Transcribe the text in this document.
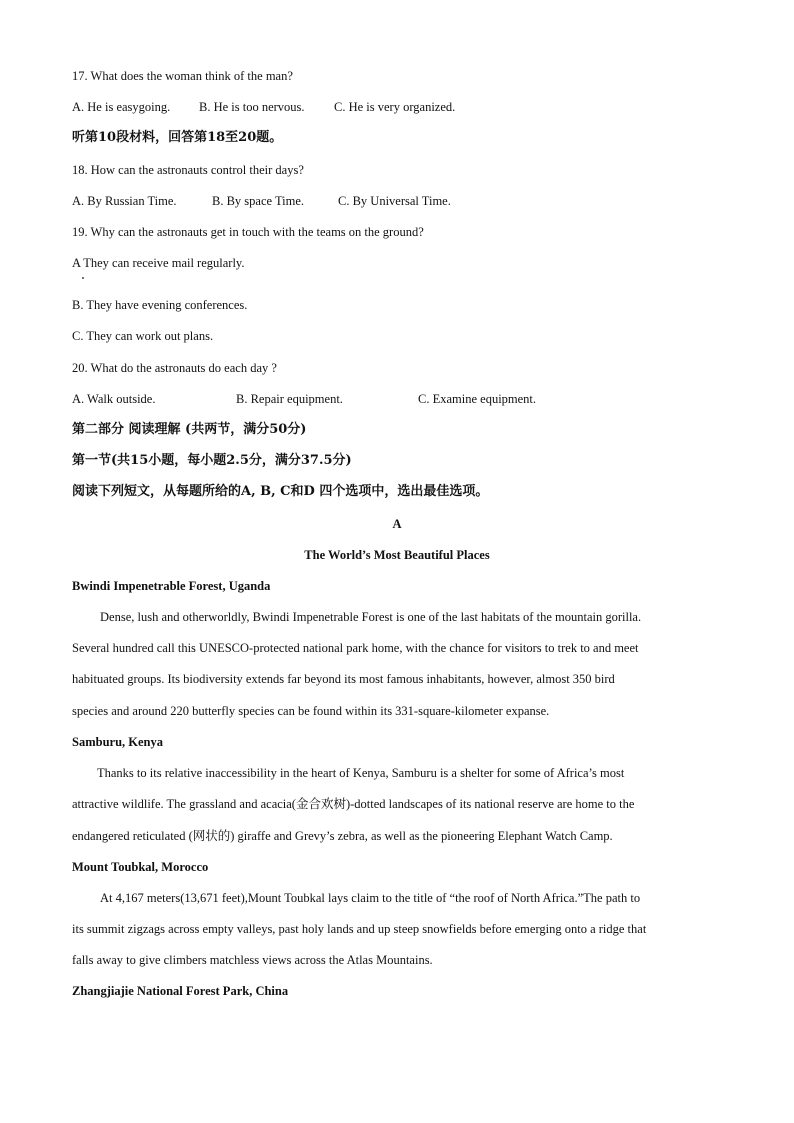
17. What does the woman think of the man?
A. He is easygoing. B. He is too nervous. C. He is very organized.
听第10段材料，回答第18至20题。
18. How can the astronauts control their days?
A. By Russian Time.	B. By space Time.	C. By Universal Time.
19. Why can the astronauts get in touch with the teams on the ground?
A They can receive mail regularly.
B. They have evening conferences.
C. They can work out plans.
20. What do the astronauts do each day ?
A. Walk outside.	B. Repair equipment.	C. Examine equipment.
第二部分 阅读理解 (共两节，满分50分)
第一节(共15小题，每小题2.5分，满分37.5分)
阅读下列短文，从每题所给的A, B, C和D 四个选项中，选出最佳选项。
A
The World’s Most Beautiful Places
Bwindi Impenetrable Forest, Uganda
Dense, lush and otherworldly, Bwindi Impenetrable Forest is one of the last habitats of the mountain gorilla.
Several hundred call this UNESCO-protected national park home, with the chance for visitors to trek to and meet
habituated groups. Its biodiversity extends far beyond its most famous inhabitants, however, almost 350 bird
species and around 220 butterfly species can be found within its 331-square-kilometer expanse.
Samburu, Kenya
Thanks to its relative inaccessibility in the heart of Kenya, Samburu is a shelter for some of Africa’s most
attractive wildlife. The grassland and acacia(金合欢树)-dotted landscapes of its national reserve are home to the
endangered reticulated (网状的) giraffe and Grevy’s zebra, as well as the pioneering Elephant Watch Camp.
Mount Toubkal, Morocco
At 4,167 meters(13,671 feet),Mount Toubkal lays claim to the title of “the roof of North Africa.”The path to
its summit zigzags across empty valleys, past holy lands and up steep snowfields before emerging onto a ridge that
falls away to give climbers matchless views across the Atlas Mountains.
Zhangjiajie National Forest Park, China
